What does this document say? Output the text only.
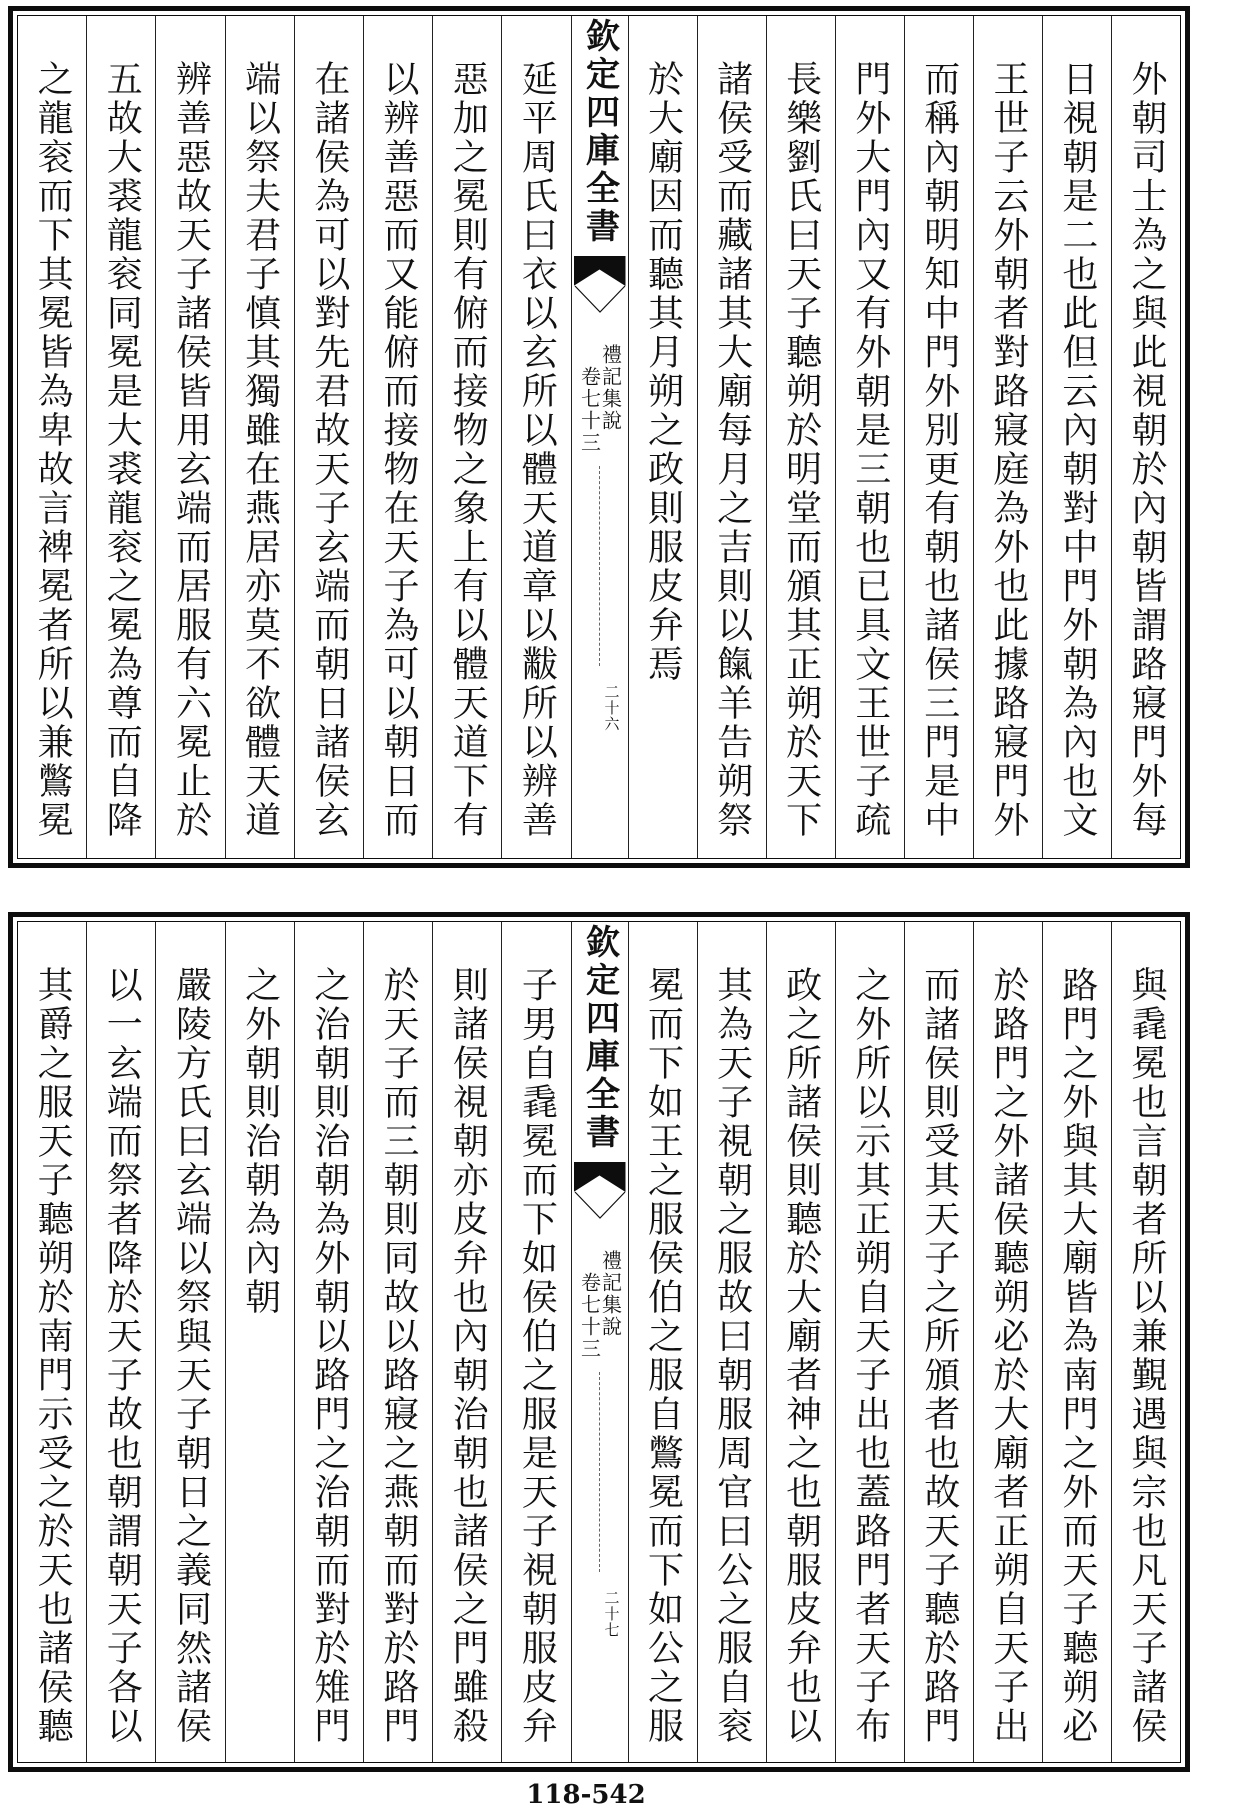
外朝司士為之與此視朝於內朝皆謂路寢門外每
日視朝是二也此但云內朝對中門外朝為內也文
王世子云外朝者對路寢庭為外也此據路寢門外
而稱內朝明知中門外別更有朝也諸侯三門是中
門外大門內又有外朝是三朝也已具文王世子疏
長樂劉氏曰天子聽朔於明堂而頒其正朔於天下
諸侯受而藏諸其大廟每月之吉則以餼羊告朔祭
於大廟因而聽其月朔之政則服皮弁焉
欽定四庫全書
禮記集說
卷七十三
二十六
延平周氏曰衣以玄所以體天道章以黻所以辨善
惡加之冕則有俯而接物之象上有以體天道下有
以辨善惡而又能俯而接物在天子為可以朝日而
在諸侯為可以對先君故天子玄端而朝日諸侯玄
端以祭夫君子慎其獨雖在燕居亦莫不欲體天道
辨善惡故天子諸侯皆用玄端而居服有六冕止於
五故大裘龍衮同冕是大裘龍衮之冕為尊而自降
之龍衮而下其冕皆為卑故言裨冕者所以兼鷩冕
與毳冕也言朝者所以兼覲遇與宗也凡天子諸侯
路門之外與其大廟皆為南門之外而天子聽朔必
於路門之外諸侯聽朔必於大廟者正朔自天子出
而諸侯則受其天子之所頒者也故天子聽於路門
之外所以示其正朔自天子出也蓋路門者天子布
政之所諸侯則聽於大廟者神之也朝服皮弁也以
其為天子視朝之服故曰朝服周官曰公之服自衮
冕而下如王之服侯伯之服自鷩冕而下如公之服
欽定四庫全書
禮記集說
卷七十三
二十七
子男自毳冕而下如侯伯之服是天子視朝服皮弁
則諸侯視朝亦皮弁也內朝治朝也諸侯之門雖殺
於天子而三朝則同故以路寢之燕朝而對於路門
之治朝則治朝為外朝以路門之治朝而對於雉門
之外朝則治朝為內朝
嚴陵方氏曰玄端以祭與天子朝日之義同然諸侯
以一玄端而祭者降於天子故也朝謂朝天子各以
其爵之服天子聽朔於南門示受之於天也諸侯聽
118-542
